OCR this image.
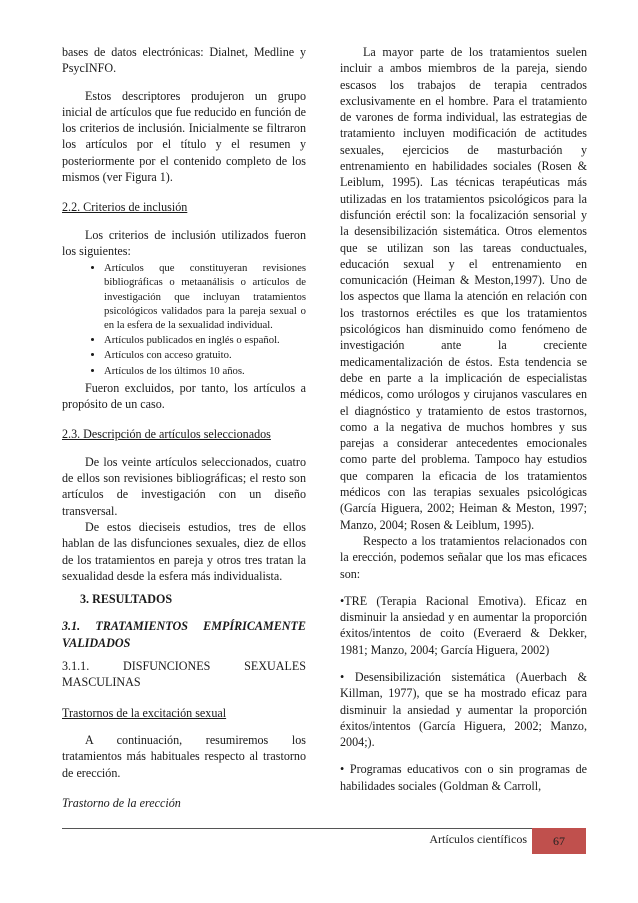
bases de datos electrónicas: Dialnet, Medline y PsycINFO.

Estos descriptores produjeron un grupo inicial de artículos que fue reducido en función de los criterios de inclusión. Inicialmente se filtraron los artículos por el título y el resumen y posteriormente por el contenido completo de los mismos (ver Figura 1).

2.2. Criterios de inclusión

Los criterios de inclusión utilizados fueron los siguientes:

• Artículos que constituyeran revisiones bibliográficas o metaanálisis o artículos de investigación que incluyan tratamientos psicológicos validados para la pareja sexual o en la esfera de la sexualidad individual.
• Artículos publicados en inglés o español.
• Artículos con acceso gratuito.
• Artículos de los últimos 10 años.

Fueron excluidos, por tanto, los artículos a propósito de un caso.

2.3. Descripción de artículos seleccionados

De los veinte artículos seleccionados, cuatro de ellos son revisiones bibliográficas; el resto son artículos de investigación con un diseño transversal.

De estos dieciseis estudios, tres de ellos hablan de las disfunciones sexuales, diez de ellos de los tratamientos en pareja y otros tres tratan la sexualidad desde la esfera más individualista.

3. RESULTADOS

3.1. TRATAMIENTOS EMPÍRICAMENTE VALIDADOS

3.1.1.	DISFUNCIONES	SEXUALES

MASCULINAS

Trastornos de la excitación sexual

A continuación, resumiremos los tratamientos más habituales respecto al trastorno de erección.

Trastorno de la erección

La mayor parte de los tratamientos suelen incluir a ambos miembros de la pareja, siendo escasos los trabajos de terapia centrados exclusivamente en el hombre. Para el tratamiento de varones de forma individual, las estrategias de tratamiento incluyen modificación de actitudes sexuales, ejercicios de masturbación y entrenamiento en habilidades sociales (Rosen & Leiblum, 1995). Las técnicas terapéuticas más utilizadas en los tratamientos psicológicos para la disfunción eréctil son: la focalización sensorial y la desensibilización sistemática. Otros elementos que se utilizan son las tareas conductuales, educación sexual y el entrenamiento en comunicación (Heiman & Meston,1997). Uno de los aspectos que llama la atención en relación con los trastornos eréctiles es que los tratamientos psicológicos han disminuido como fenómeno de investigación ante la creciente medicamentalización de éstos. Esta tendencia se debe en parte a la implicación de especialistas médicos, como urólogos y cirujanos vasculares en el diagnóstico y tratamiento de estos trastornos, como a la negativa de muchos hombres y sus parejas a considerar antecedentes emocionales como parte del problema. Tampoco hay estudios que comparen la eficacia de los tratamientos médicos con las terapias sexuales psicológicas (García Higuera, 2002; Heiman & Meston, 1997; Manzo, 2004; Rosen & Leiblum, 1995).

Respecto a los tratamientos relacionados con la erección, podemos señalar que los mas eficaces son:

•TRE (Terapia Racional Emotiva). Eficaz en disminuir la ansiedad y en aumentar la proporción éxitos/intentos de coito (Everaerd & Dekker, 1981; Manzo, 2004; García Higuera, 2002)

• Desensibilización sistemática (Auerbach & Killman, 1977), que se ha mostrado eficaz para disminuir la ansiedad y aumentar la proporción éxitos/intentos (García Higuera, 2002; Manzo, 2004;).

• Programas educativos con o sin programas de habilidades sociales (Goldman & Carroll,

Artículos científicos	67
